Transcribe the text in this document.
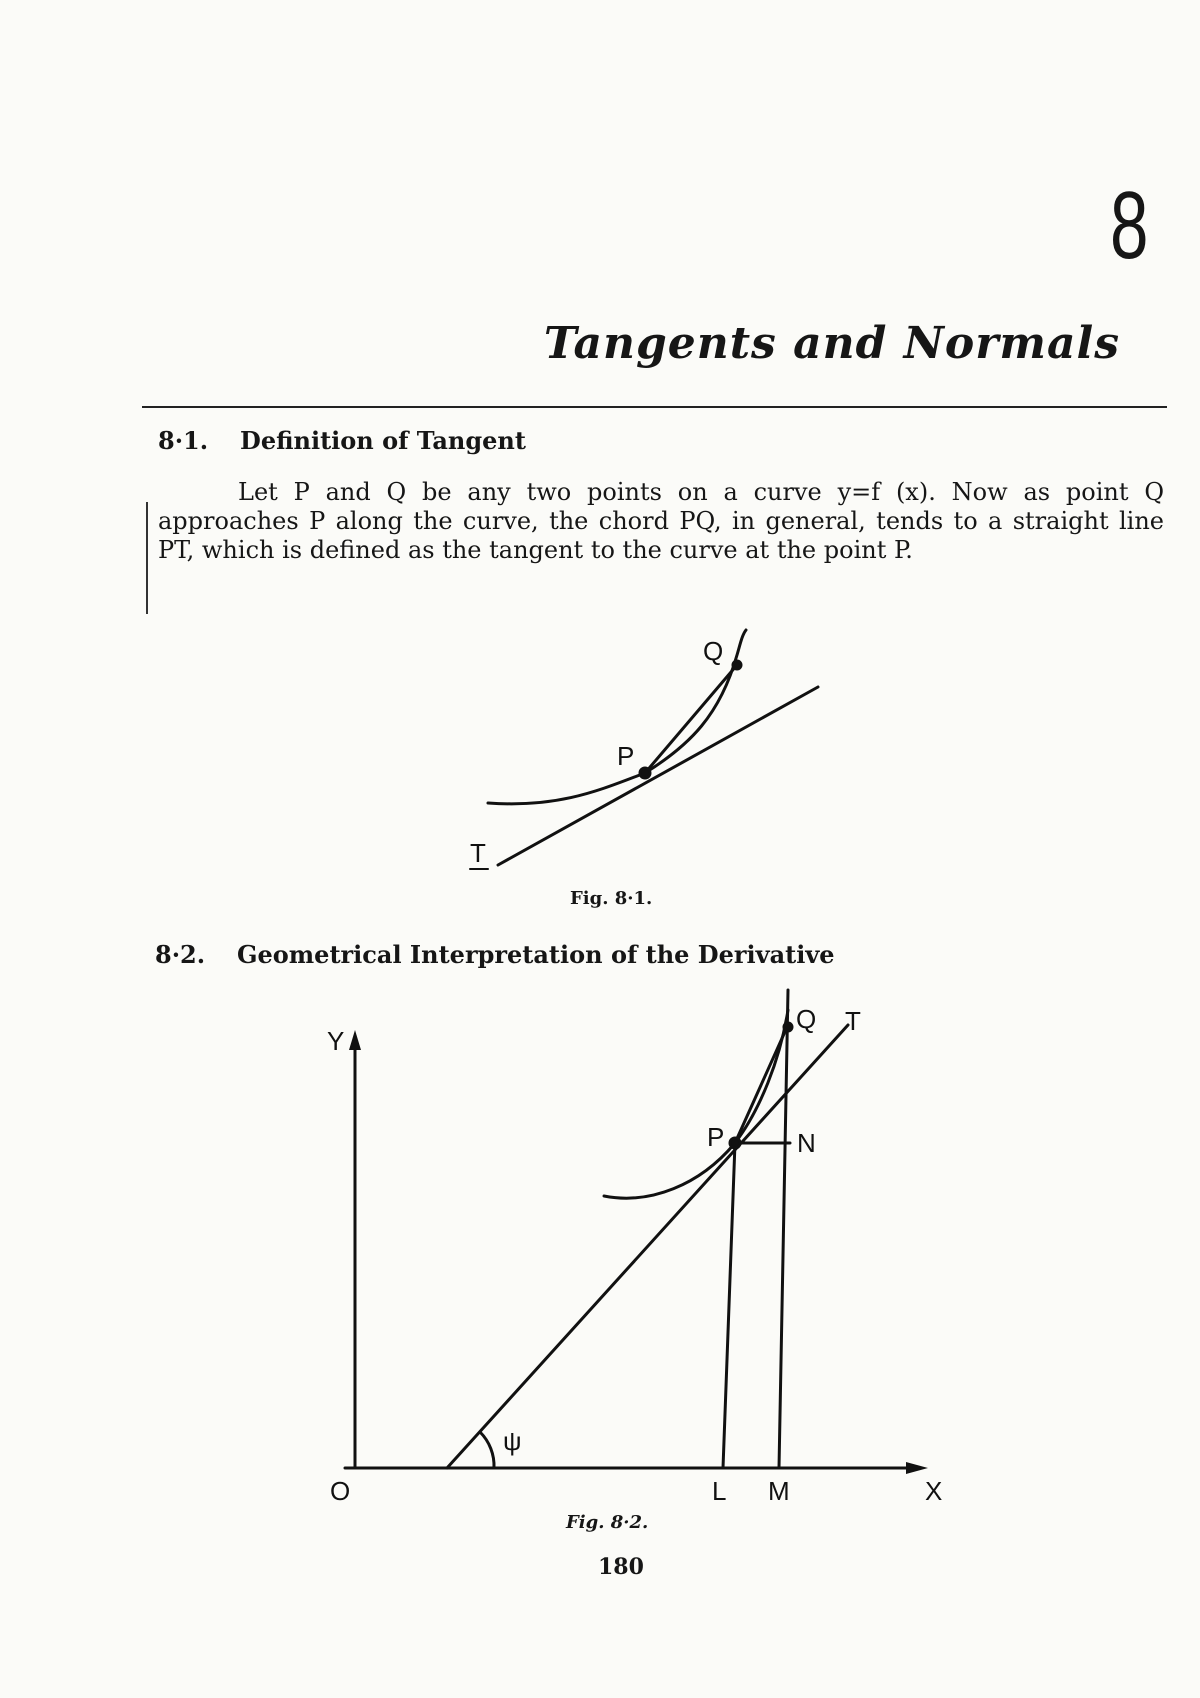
8
Tangents and Normals
8·1. Definition of Tangent

Let P and Q be any two points on a curve y=f (x). Now as point Q approaches P along the curve, the chord PQ, in general, tends to a straight line PT, which is defined as the tangent to the curve at the point P.

Q
P
T
Y
X
O
P
Q T
N
L M
ψ
Fig. 8·1.
8·2. Geometrical Interpretation of the Derivative
Fig. 8·2.
180
